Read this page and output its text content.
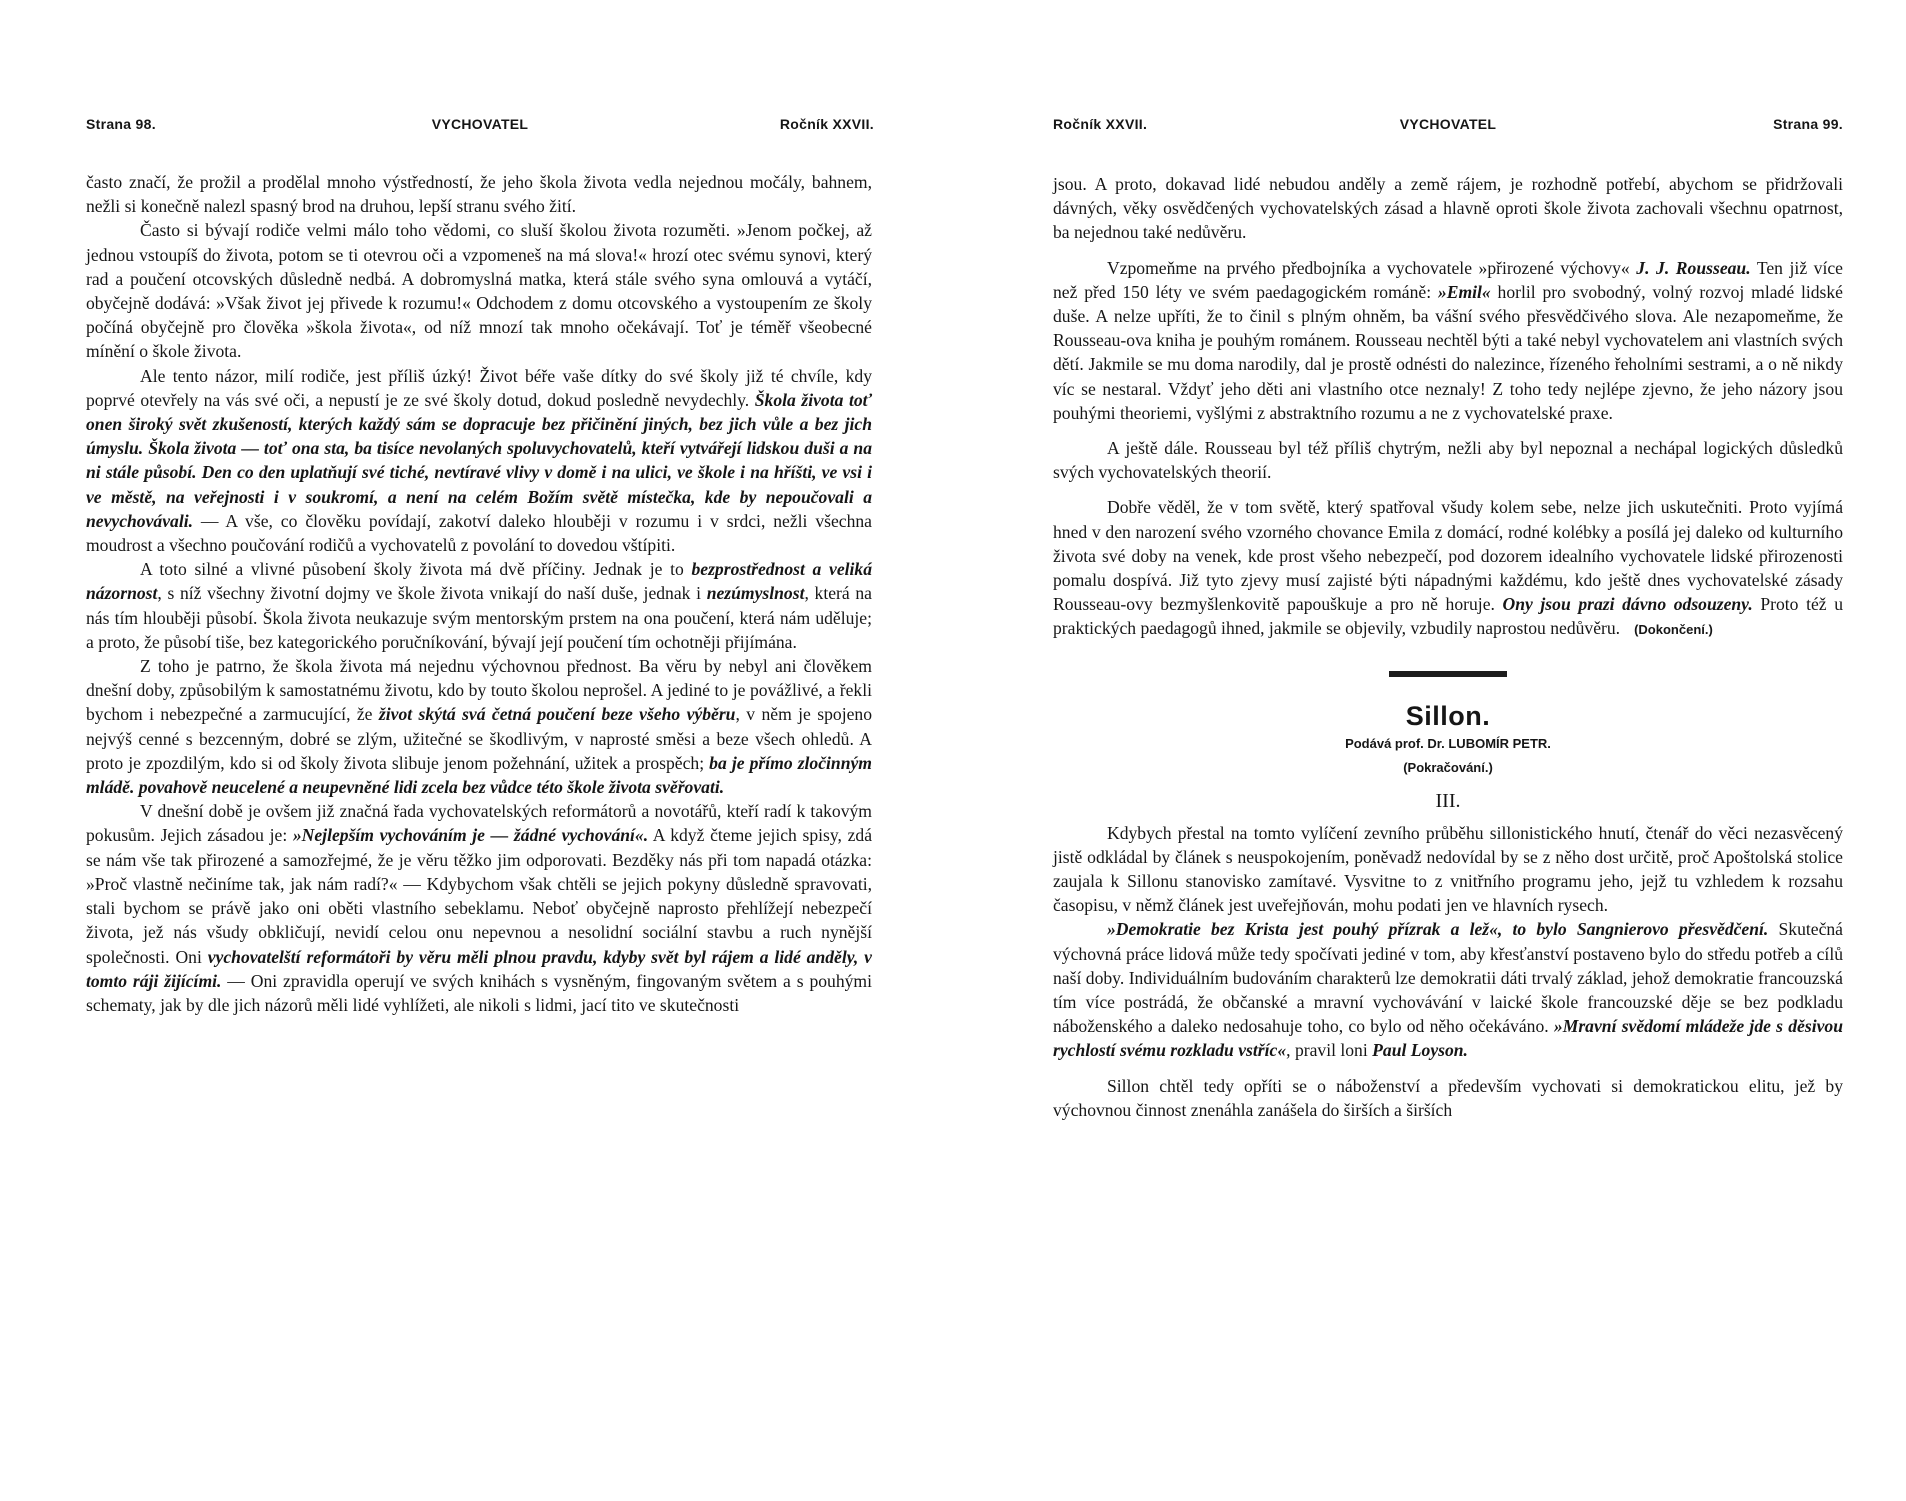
Strana 98.	VYCHOVATEL	Ročník XXVII.

často značí, že prožil a prodělal mnoho výstředností, že jeho škola života vedla nejednou močály, bahnem, nežli si konečně nalezl spasný brod na druhou, lepší stranu svého žití.

Často si bývají rodiče velmi málo toho vědomi, co sluší školou života rozuměti. »Jenom počkej, až jednou vstoupíš do života, potom se ti otevrou oči a vzpomeneš na má slova!« hrozí otec svému synovi, který rad a poučení otcovských důsledně nedbá. A dobromyslná matka, která stále svého syna omlouvá a vytáčí, obyčejně dodává: »Však život jej přivede k rozumu!« Odchodem z domu otcovského a vystoupením ze školy počíná obyčejně pro člověka »škola života«, od níž mnozí tak mnoho očekávají. Toť je téměř všeobecné mínění o škole života.

Ale tento názor, milí rodiče, jest příliš úzký! Život béře vaše dítky do své školy již té chvíle, kdy poprvé otevřely na vás své oči, a nepustí je ze své školy dotud, dokud posledně nevydechly. Škola života toť onen široký svět zkušeností, kterých každý sám se dopracuje bez přičinění jiných, bez jich vůle a bez jich úmyslu. Škola života — toť ona sta, ba tisíce nevolaných spoluvychovatelů, kteří vytvářejí lidskou duši a na ni stále působí. Den co den uplatňují své tiché, nevtíravé vlivy v domě i na ulici, ve škole i na hříšti, ve vsi i ve městě, na veřejnosti i v soukromí, a není na celém Božím světě místečka, kde by nepoučovali a nevychovávali. — A vše, co člověku povídají, zakotví daleko hlouběji v rozumu i v srdci, nežli všechna moudrost a všechno poučování rodičů a vychovatelů z povolání to dovedou vštípiti.

A toto silné a vlivné působení školy života má dvě příčiny. Jednak je to bezprostřednost a veliká názornost, s níž všechny životní dojmy ve škole života vnikají do naší duše, jednak i nezúmyslnost, která na nás tím hlouběji působí. Škola života neukazuje svým mentorským prstem na ona poučení, která nám uděluje; a proto, že působí tiše, bez kategorického poručníkování, bývají její poučení tím ochotněji přijímána.

Z toho je patrno, že škola života má nejednu výchovnou přednost. Ba věru by nebyl ani člověkem dnešní doby, způsobilým k samostatnému životu, kdo by touto školou neprošel. A jediné to je povážlivé, a řekli bychom i nebezpečné a zarmucující, že život skýtá svá četná poučení beze všeho výběru, v něm je spojeno nejvýš cenné s bezcenným, dobré se zlým, užitečné se škodlivým, v naprosté směsi a beze všech ohledů. A proto je zpozdilým, kdo si od školy života slibuje jenom požehnání, užitek a prospěch; ba je přímo zločinným mládě. povahově neucelené a neupevněné lidi zcela bez vůdce této škole života svěřovati.

V dnešní době je ovšem již značná řada vychovatelských reformátorů a novotářů, kteří radí k takovým pokusům. Jejich zásadou je: »Nejlepším vychováním je — žádné vychování«. A když čteme jejich spisy, zdá se nám vše tak přirozené a samozřejmé, že je věru těžko jim odporovati. Bezděky nás při tom napadá otázka: »Proč vlastně nečiníme tak, jak nám radí?« — Kdybychom však chtěli se jejich pokyny důsledně spravovati, stali bychom se právě jako oni oběti vlastního sebeklamu. Neboť obyčejně naprosto přehlížejí nebezpečí života, jež nás všudy obkličují, nevidí celou onu nepevnou a nesolidní sociální stavbu a ruch nynější společnosti. Oni vychovatelští reformátoři by věru měli plnou pravdu, kdyby svět byl rájem a lidé anděly, v tomto ráji žijícími. — Oni zpravidla operují ve svých knihách s vysněným, fingovaným světem a s pouhými schematy, jak by dle jich názorů měli lidé vyhlížeti, ale nikoli s lidmi, jací tito ve skutečnosti

Ročník XXVII.	VYCHOVATEL	Strana 99.

jsou. A proto, dokavad lidé nebudou anděly a země rájem, je rozhodně potřebí, abychom se přidržovali dávných, věky osvědčených vychovatelských zásad a hlavně oproti škole života zachovali všechnu opatrnost, ba nejednou také nedůvěru.

Vzpomeňme na prvého předbojníka a vychovatele »přirozené výchovy« J. J. Rousseau. Ten již více než před 150 léty ve svém paedagogickém románě: »Emil« horlil pro svobodný, volný rozvoj mladé lidské duše. A nelze upříti, že to činil s plným ohněm, ba vášní svého přesvědčivého slova. Ale nezapomeňme, že Rousseau-ova kniha je pouhým románem. Rousseau nechtěl býti a také nebyl vychovatelem ani vlastních svých dětí. Jakmile se mu doma narodily, dal je prostě odnésti do nalezince, řízeného řeholními sestrami, a o ně nikdy víc se nestaral. Vždyť jeho děti ani vlastního otce neznaly! Z toho tedy nejlépe zjevno, že jeho názory jsou pouhými theoriemi, vyšlými z abstraktního rozumu a ne z vychovatelské praxe.

A ještě dále. Rousseau byl též příliš chytrým, nežli aby byl nepoznal a nechápal logických důsledků svých vychovatelských theorií.

Dobře věděl, že v tom světě, který spatřoval všudy kolem sebe, nelze jich uskutečniti. Proto vyjímá hned v den narození svého vzorného chovance Emila z domácí, rodné kolébky a posílá jej daleko od kulturního života své doby na venek, kde prost všeho nebezpečí, pod dozorem idealního vychovatele lidské přirozenosti pomalu dospívá. Již tyto zjevy musí zajisté býti nápadnými každému, kdo ještě dnes vychovatelské zásady Rousseau-ovy bezmyšlenkovitě papouškuje a pro ně horuje. Ony jsou prazi dávno odsouzeny. Proto též u praktických paedagogů ihned, jakmile se objevily, vzbudily naprostou nedůvěru. (Dokončení.)

Sillon.
Podává prof. Dr. LUBOMÍR PETR.
(Pokračování.)
III.

Kdybych přestal na tomto vylíčení zevního průběhu sillonistického hnutí, čtenář do věci nezasvěcený jistě odkládal by článek s neuspokojením, poněvadž nedovídal by se z něho dost určitě, proč Apoštolská stolice zaujala k Sillonu stanovisko zamítavé. Vysvitne to z vnitřního programu jeho, jejž tu vzhledem k rozsahu časopisu, v němž článek jest uveřejňován, mohu podati jen ve hlavních rysech.

»Demokratie bez Krista jest pouhý přízrak a lež«, to bylo Sangnierovo přesvědčení. Skutečná výchovná práce lidová může tedy spočívati jediné v tom, aby křesťanství postaveno bylo do středu potřeb a cílů naší doby. Individuálním budováním charakterů lze demokratii dáti trvalý základ, jehož demokratie francouzská tím více postrádá, že občanské a mravní vychovávání v laické škole francouzské děje se bez podkladu náboženského a daleko nedosahuje toho, co bylo od něho očekáváno. »Mravní svědomí mládeže jde s děsivou rychlostí svému rozkladu vstříc«, pravil loni Paul Loyson.

Sillon chtěl tedy opříti se o náboženství a především vychovati si demokratickou elitu, jež by výchovnou činnost znenáhla zanášela do širších a širších
